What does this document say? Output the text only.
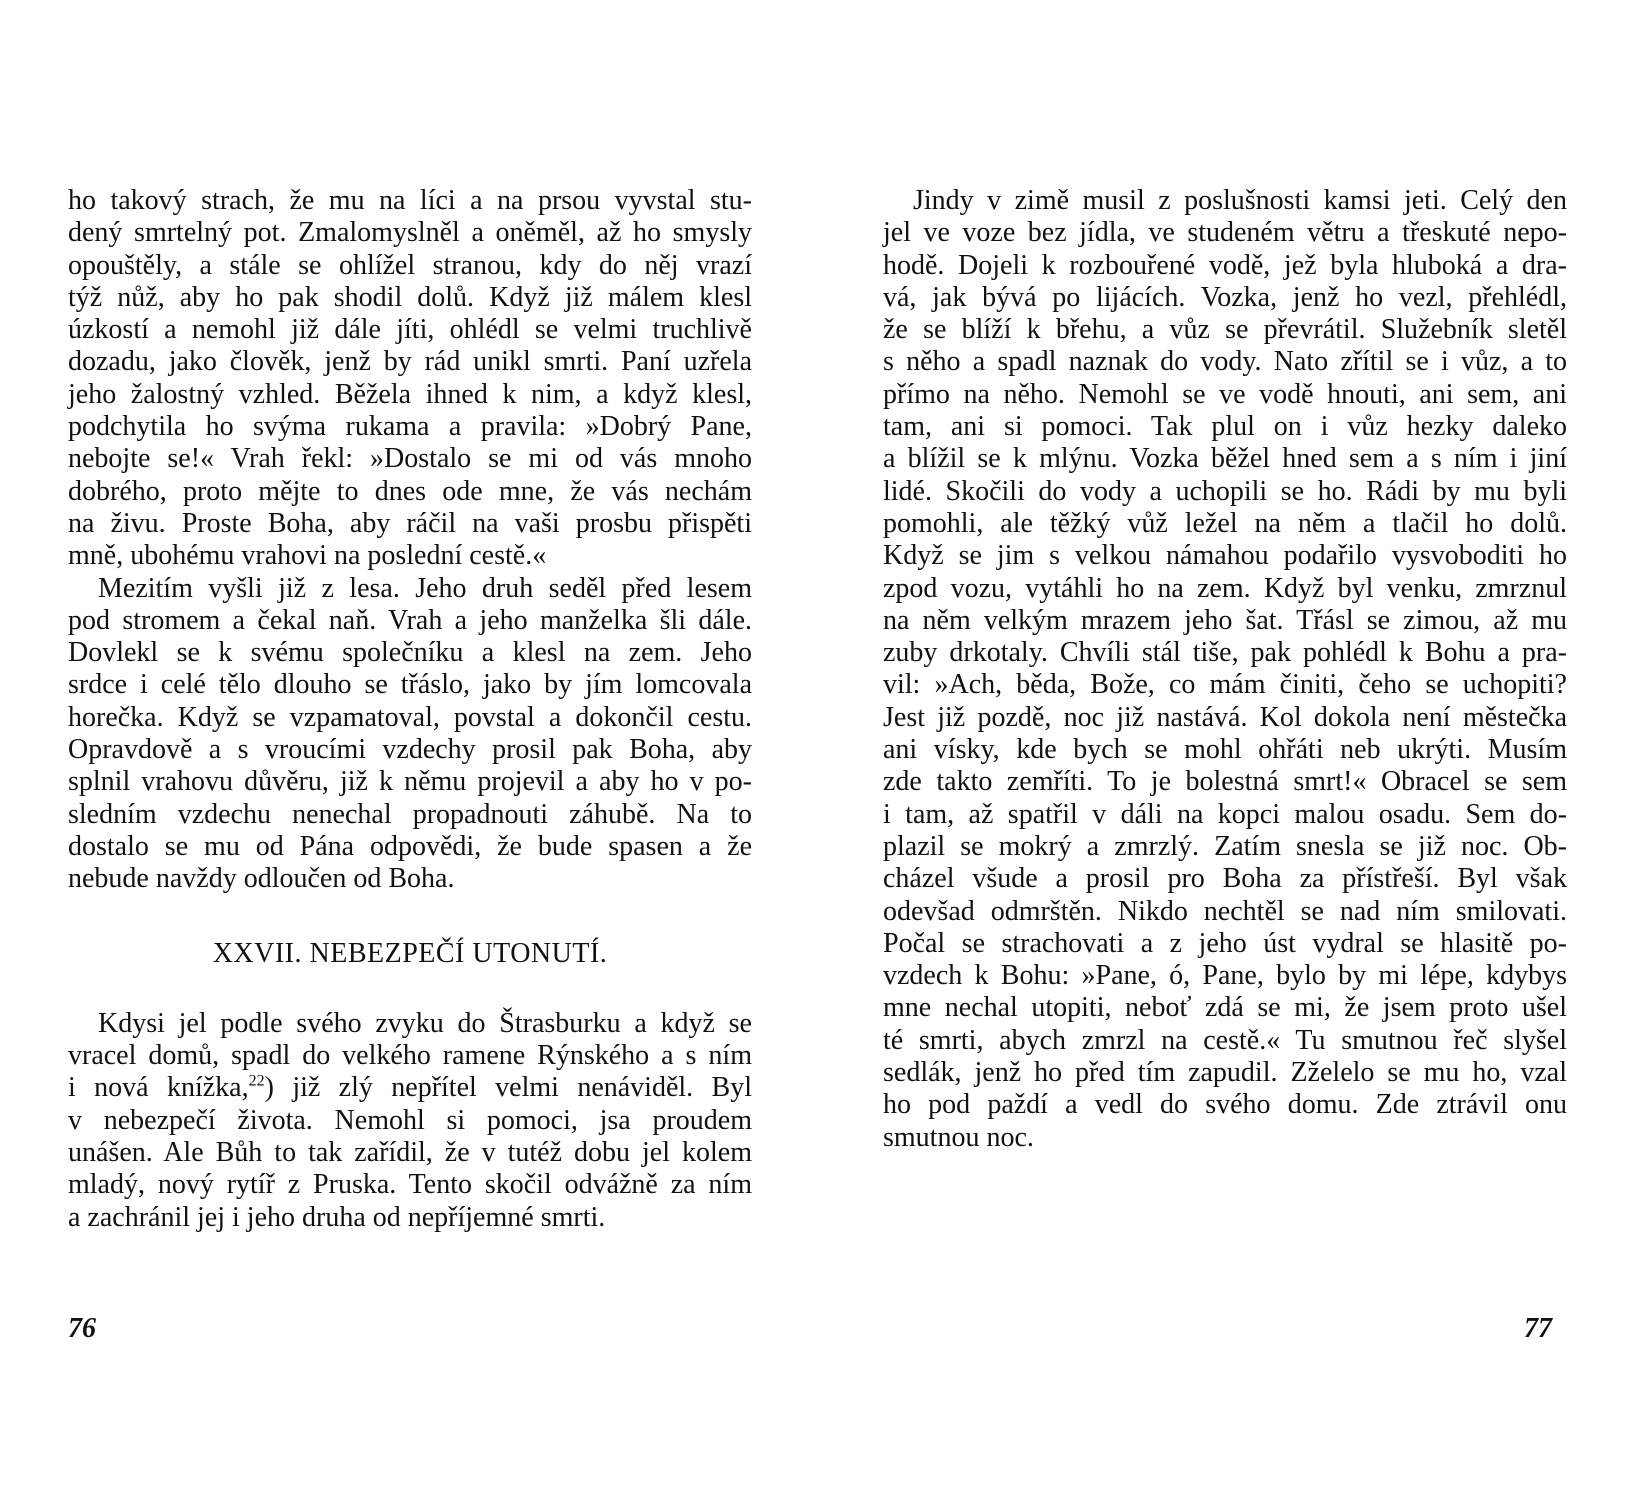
ho takový strach, že mu na líci a na prsou vyvstal stu-

dený smrtelný pot. Zmalomyslněl a oněměl, až ho smysly

opouštěly, a stále se ohlížel stranou, kdy do něj vrazí

týž nůž, aby ho pak shodil dolů. Když již málem klesl

úzkostí a nemohl již dále jíti, ohlédl se velmi truchlivě

dozadu, jako člověk, jenž by rád unikl smrti. Paní uzřela

jeho žalostný vzhled. Běžela ihned k nim, a když klesl,

podchytila ho svýma rukama a pravila: »Dobrý Pane,

nebojte se!« Vrah řekl: »Dostalo se mi od vás mnoho

dobrého, proto mějte to dnes ode mne, že vás nechám

na živu. Proste Boha, aby ráčil na vaši prosbu přispěti

mně, ubohému vrahovi na poslední cestě.«

Mezitím vyšli již z lesa. Jeho druh seděl před lesem

pod stromem a čekal naň. Vrah a jeho manželka šli dále.

Dovlekl se k svému společníku a klesl na zem. Jeho

srdce i celé tělo dlouho se třáslo, jako by jím lomcovala

horečka. Když se vzpamatoval, povstal a dokončil cestu.

Opravdově a s vroucími vzdechy prosil pak Boha, aby

splnil vrahovu důvěru, již k němu projevil a aby ho v po-

sledním vzdechu nenechal propadnouti záhubě. Na to

dostalo se mu od Pána odpovědi, že bude spasen a že

nebude navždy odloučen od Boha.

XXVII. NEBEZPEČÍ UTONUTÍ.

Kdysi jel podle svého zvyku do Štrasburku a když se

vracel domů, spadl do velkého ramene Rýnského a s ním

i nová knížka,$^{22}$) již zlý nepřítel velmi nenáviděl. Byl

v nebezpečí života. Nemohl si pomoci, jsa proudem

unášen. Ale Bůh to tak zařídil, že v tutéž dobu jel kolem

mladý, nový rytíř z Pruska. Tento skočil odvážně za ním

a zachránil jej i jeho druha od nepříjemné smrti.

76

Jindy v zimě musil z poslušnosti kamsi jeti. Celý den

jel ve voze bez jídla, ve studeném větru a třeskuté nepo-

hodě. Dojeli k rozbouřené vodě, jež byla hluboká a dra-

vá, jak bývá po lijácích. Vozka, jenž ho vezl, přehlédl,

že se blíží k břehu, a vůz se převrátil. Služebník sletěl

s něho a spadl naznak do vody. Nato zřítil se i vůz, a to

přímo na něho. Nemohl se ve vodě hnouti, ani sem, ani

tam, ani si pomoci. Tak plul on i vůz hezky daleko

a blížil se k mlýnu. Vozka běžel hned sem a s ním i jiní

lidé. Skočili do vody a uchopili se ho. Rádi by mu byli

pomohli, ale těžký vůž ležel na něm a tlačil ho dolů.

Když se jim s velkou námahou podařilo vysvoboditi ho

zpod vozu, vytáhli ho na zem. Když byl venku, zmrznul

na něm velkým mrazem jeho šat. Třásl se zimou, až mu

zuby drkotaly. Chvíli stál tiše, pak pohlédl k Bohu a pra-

vil: »Ach, běda, Bože, co mám činiti, čeho se uchopiti?

Jest již pozdě, noc již nastává. Kol dokola není městečka

ani vísky, kde bych se mohl ohřáti neb ukrýti. Musím

zde takto zemříti. To je bolestná smrt!« Obracel se sem

i tam, až spatřil v dáli na kopci malou osadu. Sem do-

plazil se mokrý a zmrzlý. Zatím snesla se již noc. Ob-

cházel všude a prosil pro Boha za přístřeší. Byl však

odevšad odmrštěn. Nikdo nechtěl se nad ním smilovati.

Počal se strachovati a z jeho úst vydral se hlasitě po-

vzdech k Bohu: »Pane, ó, Pane, bylo by mi lépe, kdybys

mne nechal utopiti, neboť zdá se mi, že jsem proto ušel

té smrti, abych zmrzl na cestě.« Tu smutnou řeč slyšel

sedlák, jenž ho před tím zapudil. Zželelo se mu ho, vzal

ho pod paždí a vedl do svého domu. Zde ztrávil onu

smutnou noc.

77
